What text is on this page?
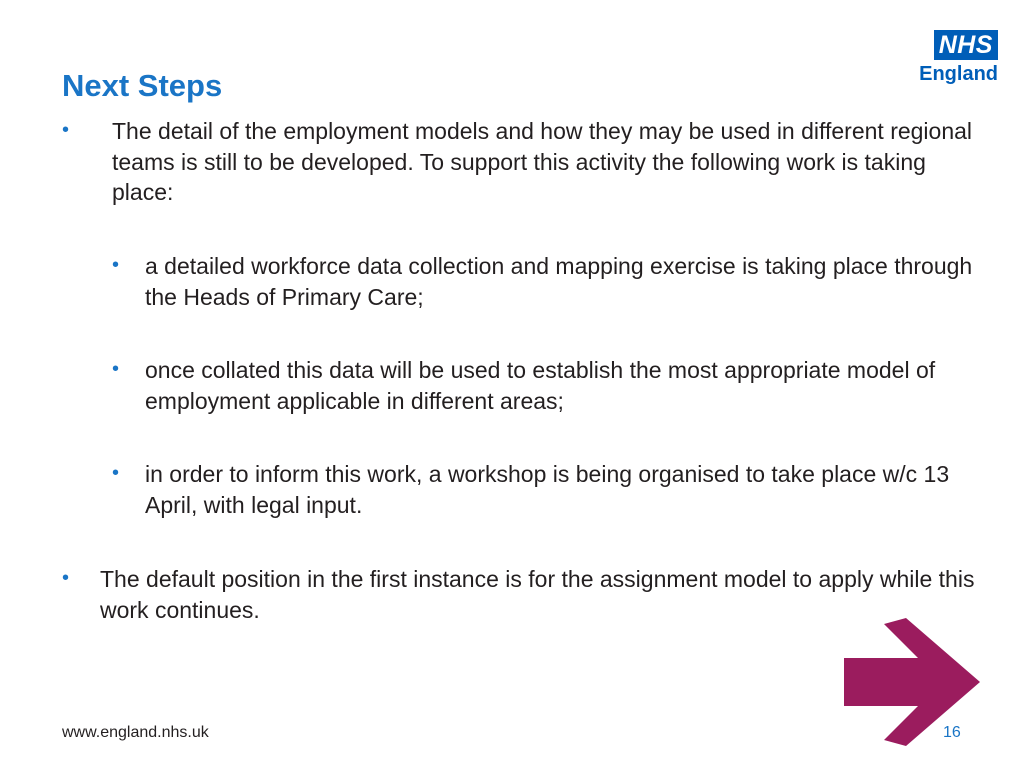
NHS
England
Next Steps
• The detail of the employment models and how they may be used in different regional teams is still to be developed. To support this activity the following work is taking place:
• a detailed workforce data collection and mapping exercise is taking place through the Heads of Primary Care;
• once collated this data will be used to establish the most appropriate model of employment applicable in different areas;
• in order to inform this work, a workshop is being organised to take place w/c 13 April, with legal input.
• The default position in the first instance is for the assignment model to apply while this work continues.
www.england.nhs.uk	16
